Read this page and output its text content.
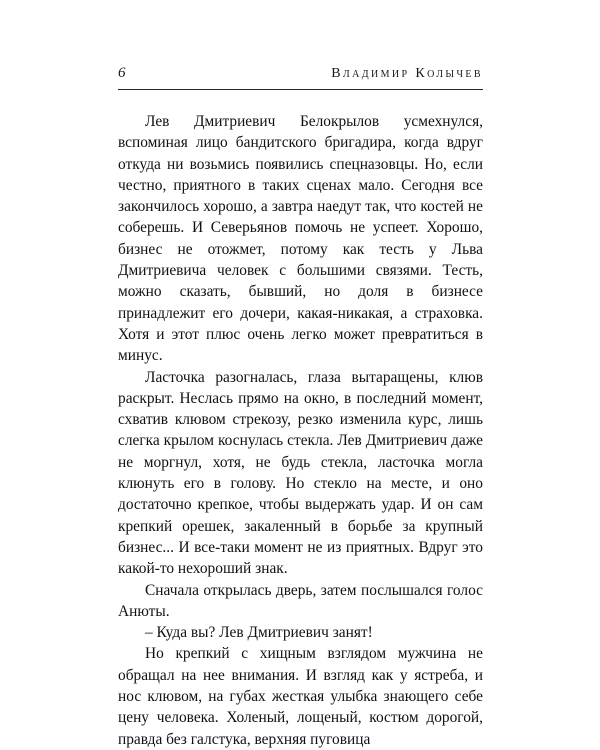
6	Владимир Колычев

Лев Дмитриевич Белокрылов усмехнулся, вспоминая лицо бандитского бригадира, когда вдруг откуда ни возьмись появились спецназовцы. Но, если честно, приятного в таких сценах мало. Сегодня все закончилось хорошо, а завтра наедут так, что костей не соберешь. И Северьянов помочь не успеет. Хорошо, бизнес не отожмет, потому как тесть у Льва Дмитриевича человек с большими связями. Тесть, можно сказать, бывший, но доля в бизнесе принадлежит его дочери, какая-никакая, а страховка. Хотя и этот плюс очень легко может превратиться в минус.

Ласточка разогналась, глаза вытаращены, клюв раскрыт. Неслась прямо на окно, в последний момент, схватив клювом стрекозу, резко изменила курс, лишь слегка крылом коснулась стекла. Лев Дмитриевич даже не моргнул, хотя, не будь стекла, ласточка могла клюнуть его в голову. Но стекло на месте, и оно достаточно крепкое, чтобы выдержать удар. И он сам крепкий орешек, закаленный в борьбе за крупный бизнес... И все-таки момент не из приятных. Вдруг это какой-то нехороший знак.

Сначала открылась дверь, затем послышался голос Анюты.

– Куда вы? Лев Дмитриевич занят!

Но крепкий с хищным взглядом мужчина не обращал на нее внимания. И взгляд как у ястреба, и нос клювом, на губах жесткая улыбка знающего себе цену человека. Холеный, лощеный, костюм дорогой, правда без галстука, верхняя пуговица
